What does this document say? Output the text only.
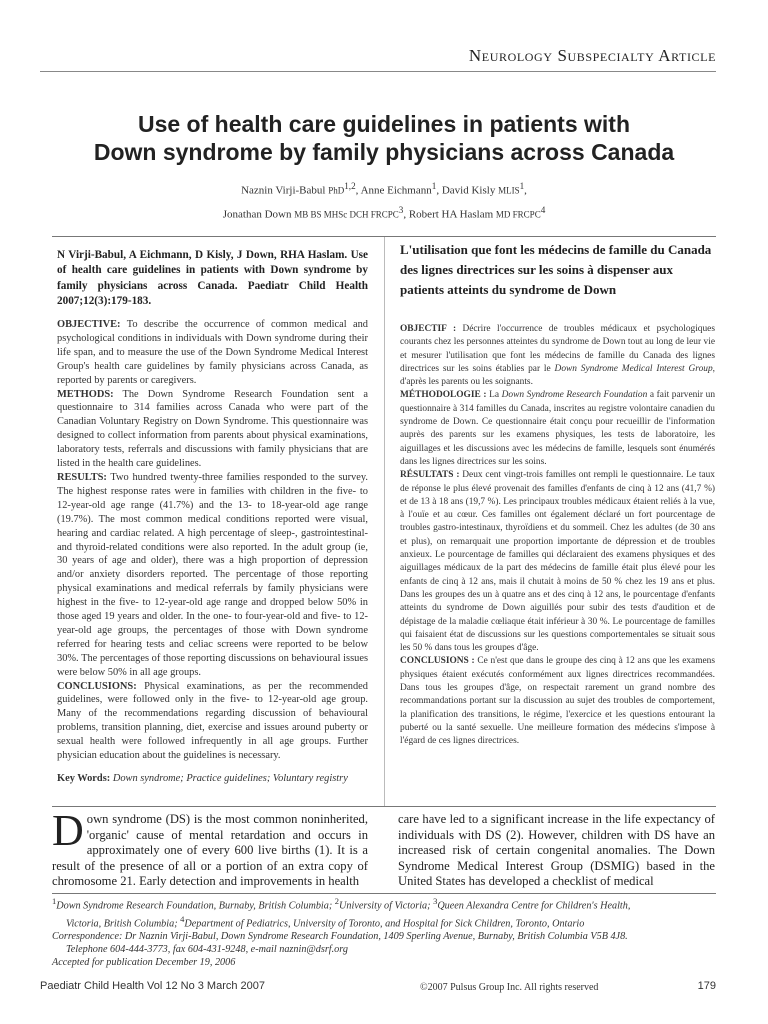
Neurology Subspecialty Article
Use of health care guidelines in patients with
Down syndrome by family physicians across Canada
Naznin Virji-Babul PhD$^{1,2}$, Anne Eichmann$^1$, David Kisly MLIS$^1$,
Jonathan Down MB BS MHSc DCH FRCPC$^3$, Robert HA Haslam MD FRCPC$^4$
N Virji-Babul, A Eichmann, D Kisly, J Down, RHA Haslam. Use of health care guidelines in patients with Down syndrome by family physicians across Canada. Paediatr Child Health 2007;12(3):179-183.

OBJECTIVE: To describe the occurrence of common medical and psychological conditions in individuals with Down syndrome during their life span, and to measure the use of the Down Syndrome Medical Interest Group's health care guidelines by family physicians across Canada, as reported by parents or caregivers.

METHODS: The Down Syndrome Research Foundation sent a questionnaire to 314 families across Canada who were part of the Canadian Voluntary Registry on Down Syndrome. This questionnaire was designed to collect information from parents about physical examinations, laboratory tests, referrals and discussions with family physicians that are listed in the health care guidelines.

RESULTS: Two hundred twenty-three families responded to the survey. The highest response rates were in families with children in the five- to 12-year-old age range (41.7%) and the 13- to 18-year-old age range (19.7%). The most common medical conditions reported were visual, hearing and cardiac related. A high percentage of sleep-, gastrointestinal- and thyroid-related conditions were also reported. In the adult group (ie, 30 years of age and older), there was a high proportion of depression and/or anxiety disorders reported. The percentage of those reporting physical examinations and medical referrals by family physicians were highest in the five- to 12-year-old age range and dropped below 50% in those aged 19 years and older. In the one- to four-year-old and five- to 12-year-old age groups, the percentages of those with Down syndrome referred for hearing tests and celiac screens were reported to be below 30%. The percentages of those reporting discussions on behavioural issues were below 50% in all age groups.

CONCLUSIONS: Physical examinations, as per the recommended guidelines, were followed only in the five- to 12-year-old age group. Many of the recommendations regarding discussion of behavioural problems, transition planning, diet, exercise and issues around puberty or sexual health were followed infrequently in all age groups. Further physician education about the guidelines is necessary.

Key Words: Down syndrome; Practice guidelines; Voluntary registry
L'utilisation que font les médecins de famille du Canada des lignes directrices sur les soins à dispenser aux patients atteints du syndrome de Down

OBJECTIF : Décrire l'occurrence de troubles médicaux et psychologiques courants chez les personnes atteintes du syndrome de Down tout au long de leur vie et mesurer l'utilisation que font les médecins de famille du Canada des lignes directrices sur les soins établies par le Down Syndrome Medical Interest Group, d'après les parents ou les soignants.

MÉTHODOLOGIE : La Down Syndrome Research Foundation a fait parvenir un questionnaire à 314 familles du Canada, inscrites au registre volontaire canadien du syndrome de Down. Ce questionnaire était conçu pour recueillir de l'information auprès des parents sur les examens physiques, les tests de laboratoire, les aiguillages et les discussions avec les médecins de famille, lesquels sont énumérés dans les lignes directrices sur les soins.

RÉSULTATS : Deux cent vingt-trois familles ont rempli le questionnaire. Le taux de réponse le plus élevé provenait des familles d'enfants de cinq à 12 ans (41,7 %) et de 13 à 18 ans (19,7 %). Les principaux troubles médicaux étaient reliés à la vue, à l'ouïe et au cœur. Ces familles ont également déclaré un fort pourcentage de troubles gastro-intestinaux, thyroïdiens et du sommeil. Chez les adultes (de 30 ans et plus), on remarquait une proportion importante de dépression et de troubles anxieux. Le pourcentage de familles qui déclaraient des examens physiques et des aiguillages médicaux de la part des médecins de famille était plus élevé pour les enfants de cinq à 12 ans, mais il chutait à moins de 50 % chez les 19 ans et plus. Dans les groupes des un à quatre ans et des cinq à 12 ans, le pourcentage d'enfants atteints du syndrome de Down aiguillés pour subir des tests d'audition et de dépistage de la maladie cœliaque était inférieur à 30 %. Le pourcentage de familles qui faisaient état de discussions sur les questions comportementales se situait sous les 50 % dans tous les groupes d'âge.

CONCLUSIONS : Ce n'est que dans le groupe des cinq à 12 ans que les examens physiques étaient exécutés conformément aux lignes directrices recommandées. Dans tous les groupes d'âge, on respectait rarement un grand nombre des recommandations portant sur la discussion au sujet des troubles de comportement, la planification des transitions, le régime, l'exercice et les questions entourant la puberté ou la santé sexuelle. Une meilleure formation des médecins s'impose à l'égard de ces lignes directrices.

Down syndrome (DS) is the most common noninherited, 'organic' cause of mental retardation and occurs in approximately one of every 600 live births (1). It is a result of the presence of all or a portion of an extra copy of chromosome 21. Early detection and improvements in health

care have led to a significant increase in the life expectancy of individuals with DS (2). However, children with DS have an increased risk of certain congenital anomalies. The Down Syndrome Medical Interest Group (DSMIG) based in the United States has developed a checklist of medical

$^1$Down Syndrome Research Foundation, Burnaby, British Columbia; $^2$University of Victoria; $^3$Queen Alexandra Centre for Children's Health,
Victoria, British Columbia; $^4$Department of Pediatrics, University of Toronto, and Hospital for Sick Children, Toronto, Ontario
Correspondence: Dr Naznin Virji-Babul, Down Syndrome Research Foundation, 1409 Sperling Avenue, Burnaby, British Columbia V5B 4J8.
Telephone 604-444-3773, fax 604-431-9248, e-mail naznin@dsrf.org
Accepted for publication December 19, 2006
Paediatr Child Health Vol 12 No 3 March 2007	©2007 Pulsus Group Inc. All rights reserved	179
